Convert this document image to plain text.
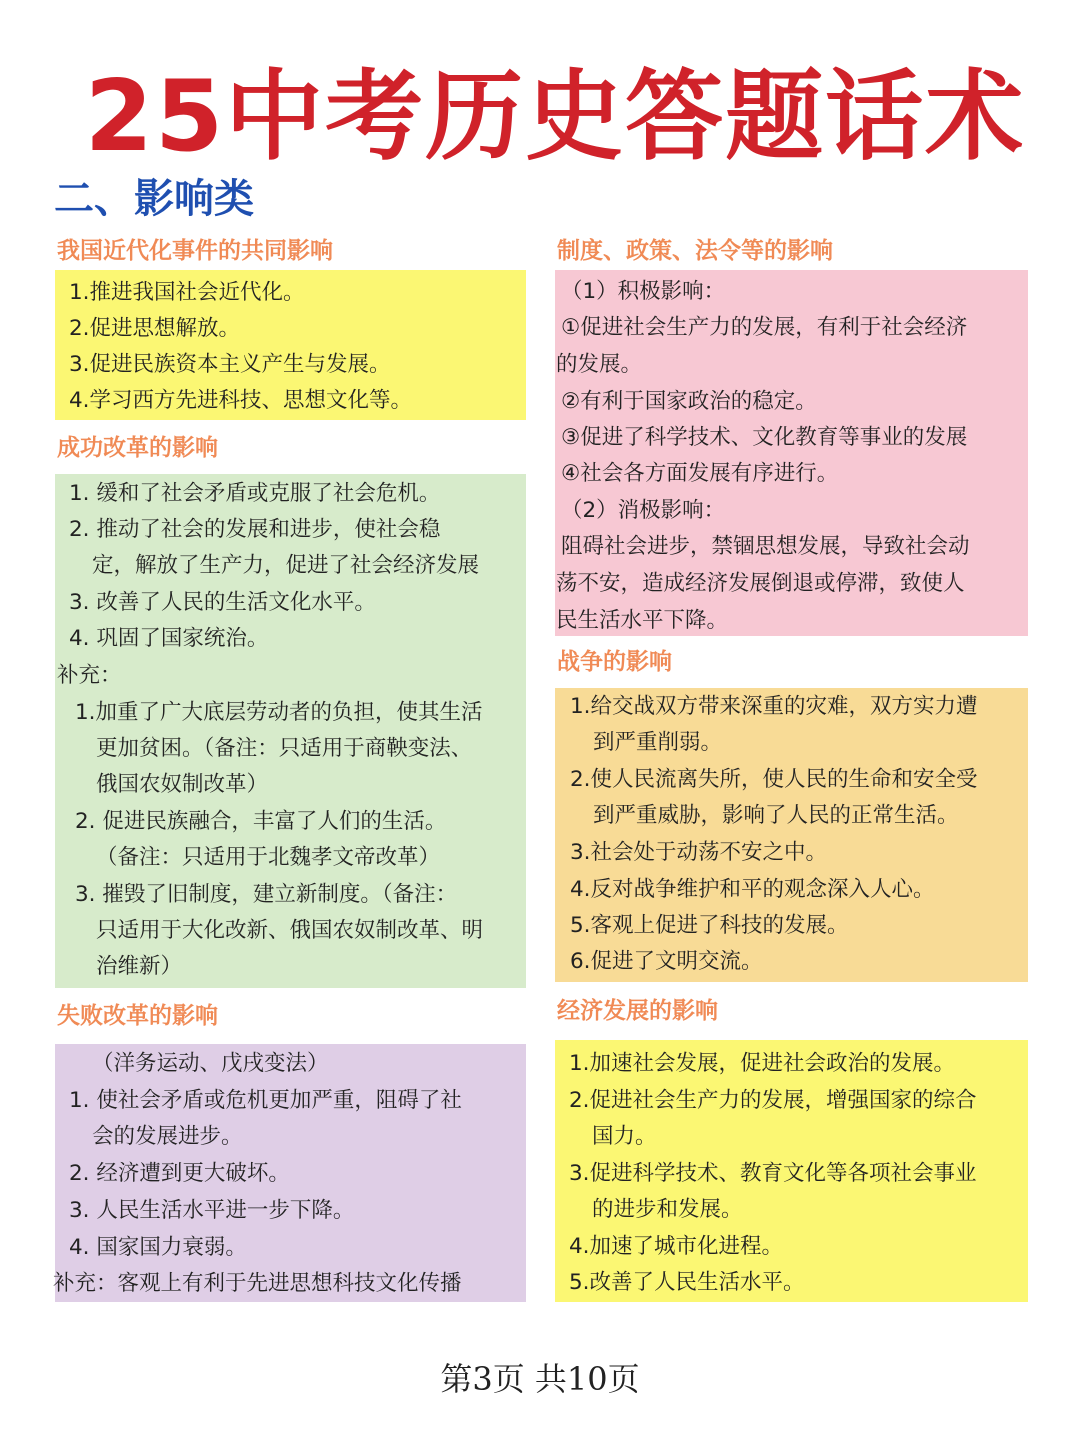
25中考历史答题话术
二、影响类
我国近代化事件的共同影响
1.推进我国社会近代化。
2.促进思想解放。
3.促进民族资本主义产生与发展。
4.学习西方先进科技、思想文化等。
成功改革的影响
1. 缓和了社会矛盾或克服了社会危机。
2. 推动了社会的发展和进步，使社会稳
定，解放了生产力，促进了社会经济发展
3. 改善了人民的生活文化水平。
4. 巩固了国家统治。
补充：
1.加重了广大底层劳动者的负担，使其生活
更加贫困。（备注：只适用于商鞅变法、
俄国农奴制改革）
2. 促进民族融合，丰富了人们的生活。
（备注：只适用于北魏孝文帝改革）
3. 摧毁了旧制度，建立新制度。（备注：
只适用于大化改新、俄国农奴制改革、明
治维新）
失败改革的影响
（洋务运动、戊戌变法）
1. 使社会矛盾或危机更加严重，阻碍了社
会的发展进步。
2. 经济遭到更大破坏。
3. 人民生活水平进一步下降。
4. 国家国力衰弱。
补充：客观上有利于先进思想科技文化传播
制度、政策、法令等的影响
（1）积极影响：
①促进社会生产力的发展，有利于社会经济
的发展。
②有利于国家政治的稳定。
③促进了科学技术、文化教育等事业的发展
④社会各方面发展有序进行。
（2）消极影响：
阻碍社会进步，禁锢思想发展，导致社会动
荡不安，造成经济发展倒退或停滞，致使人
民生活水平下降。
战争的影响
1.给交战双方带来深重的灾难，双方实力遭
到严重削弱。
2.使人民流离失所，使人民的生命和安全受
到严重威胁，影响了人民的正常生活。
3.社会处于动荡不安之中。
4.反对战争维护和平的观念深入人心。
5.客观上促进了科技的发展。
6.促进了文明交流。
经济发展的影响
1.加速社会发展，促进社会政治的发展。
2.促进社会生产力的发展，增强国家的综合
国力。
3.促进科学技术、教育文化等各项社会事业
的进步和发展。
4.加速了城市化进程。
5.改善了人民生活水平。
第3页 共10页
